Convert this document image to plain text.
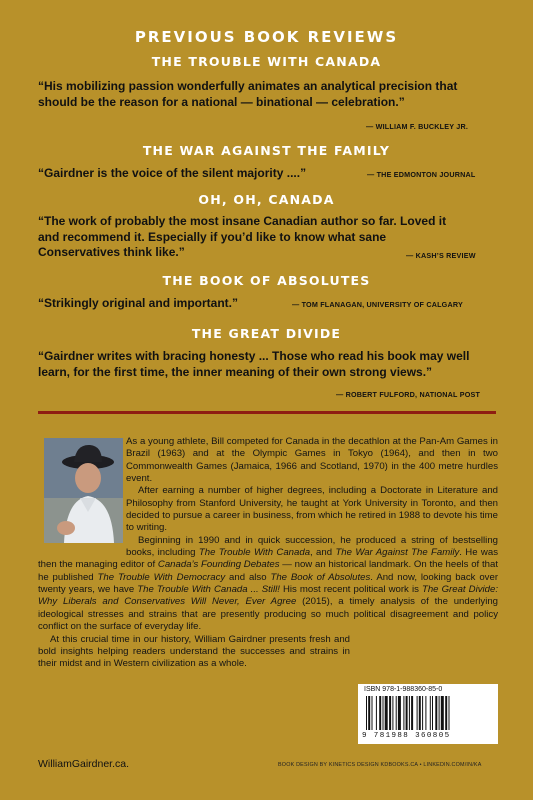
PREVIOUS BOOK REVIEWS
THE TROUBLE WITH CANADA
“His mobilizing passion wonderfully animates an analytical precision that should be the reason for a national — binational — celebration.”
— WILLIAM F. BUCKLEY JR.
THE WAR AGAINST THE FAMILY
“Gairdner is the voice of the silent majority ....”	— THE EDMONTON JOURNAL
OH, OH, CANADA
“The work of probably the most insane Canadian author so far. Loved it and recommend it. Especially if you’d like to know what sane Conservatives think like.”	— KASH’S REVIEW
THE BOOK OF ABSOLUTES
“Strikingly original and important.”	— TOM FLANAGAN, UNIVERSITY OF CALGARY
THE GREAT DIVIDE
“Gairdner writes with bracing honesty ... Those who read his book may well learn, for the first time, the inner meaning of their own strong views.”
— ROBERT FULFORD, NATIONAL POST

As a young athlete, Bill competed for Canada in the decathlon at the Pan-Am Games in Brazil (1963) and at the Olympic Games in Tokyo (1964), and then in two Commonwealth Games (Jamaica, 1966 and Scotland, 1970) in the 400 metre hurdles event.

After earning a number of higher degrees, including a Doctorate in Literature and Philosophy from Stanford University, he taught at York University in Toronto, and then decided to pursue a career in business, from which he retired in 1988 to devote his time to writing.

Beginning in 1990 and in quick succession, he produced a string of bestselling books, including The Trouble With Canada, and The War Against The Family. He was then the managing editor of Canada’s Founding Debates — now an historical landmark. On the heels of that he published The Trouble With Democracy and also The Book of Absolutes. And now, looking back over twenty years, we have The Trouble With Canada ... Still! His most recent political work is The Great Divide: Why Liberals and Conservatives Will Never, Ever Agree (2015), a timely analysis of the underlying ideological stresses and strains that are presently producing so much political disagreement and policy conflict on the surface of everyday life.

At this crucial time in our history, William Gairdner presents fresh and bold insights helping readers understand the successes and strains in their midst and in Western civilization as a whole.

ISBN 978-1-988360-85-0
9 781988 360805
WilliamGairdner.ca.	BOOK DESIGN BY KINETICS DESIGN KDBOOKS.CA • LINKEDIN.COM/IN/KA
